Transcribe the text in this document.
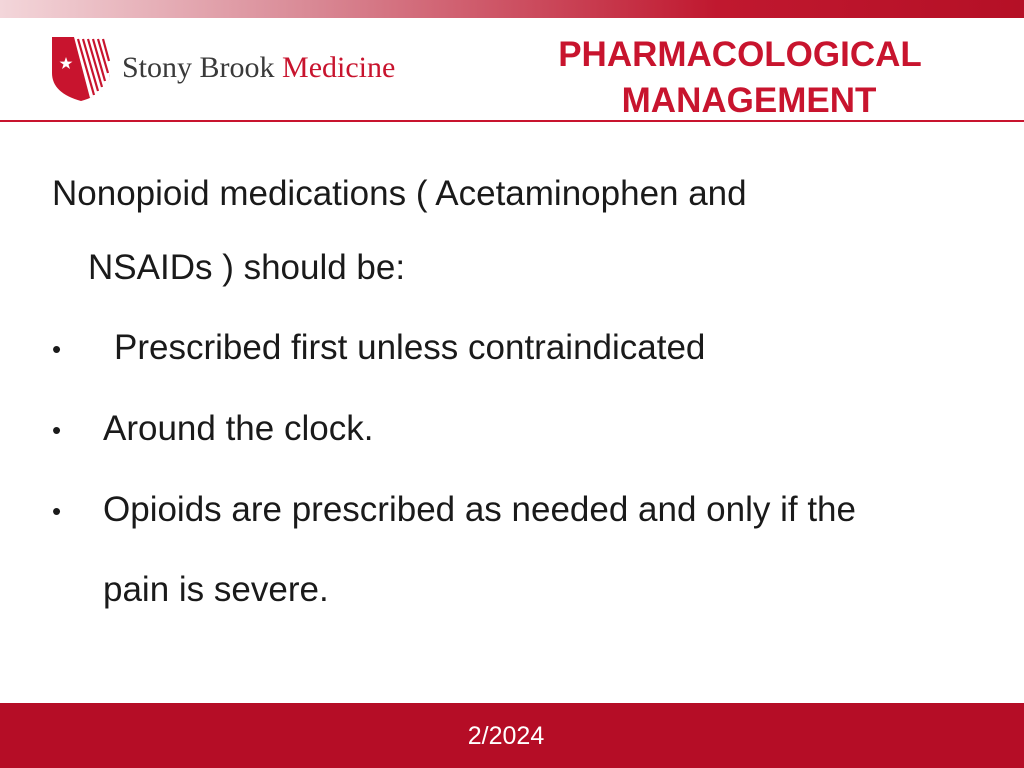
Stony Brook Medicine	PHARMACOLOGICAL
MANAGEMENT
Nonopioid medications ( Acetaminophen and
NSAIDs ) should be:
• Prescribed first unless contraindicated
• Around the clock.
• Opioids are prescribed as needed and only if the
pain is severe.
2/2024
